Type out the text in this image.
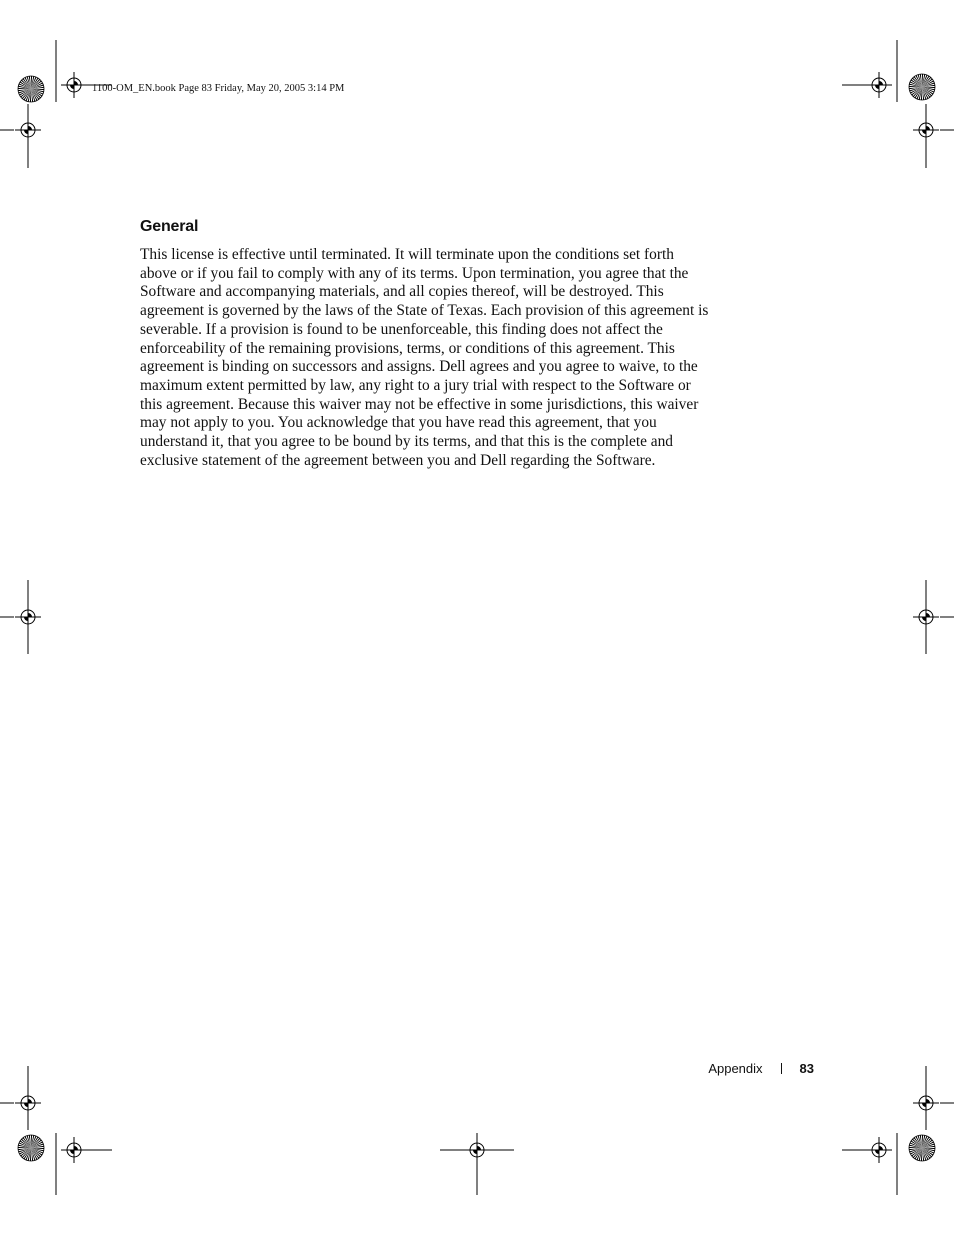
1100-OM_EN.book Page 83 Friday, May 20, 2005 3:14 PM
General

This license is effective until terminated. It will terminate upon the conditions set forth
above or if you fail to comply with any of its terms. Upon termination, you agree that the
Software and accompanying materials, and all copies thereof, will be destroyed. This
agreement is governed by the laws of the State of Texas. Each provision of this agreement is
severable. If a provision is found to be unenforceable, this finding does not affect the
enforceability of the remaining provisions, terms, or conditions of this agreement. This
agreement is binding on successors and assigns. Dell agrees and you agree to waive, to the
maximum extent permitted by law, any right to a jury trial with respect to the Software or
this agreement. Because this waiver may not be effective in some jurisdictions, this waiver
may not apply to you. You acknowledge that you have read this agreement, that you
understand it, that you agree to be bound by its terms, and that this is the complete and
exclusive statement of the agreement between you and Dell regarding the Software.

Appendix	83
